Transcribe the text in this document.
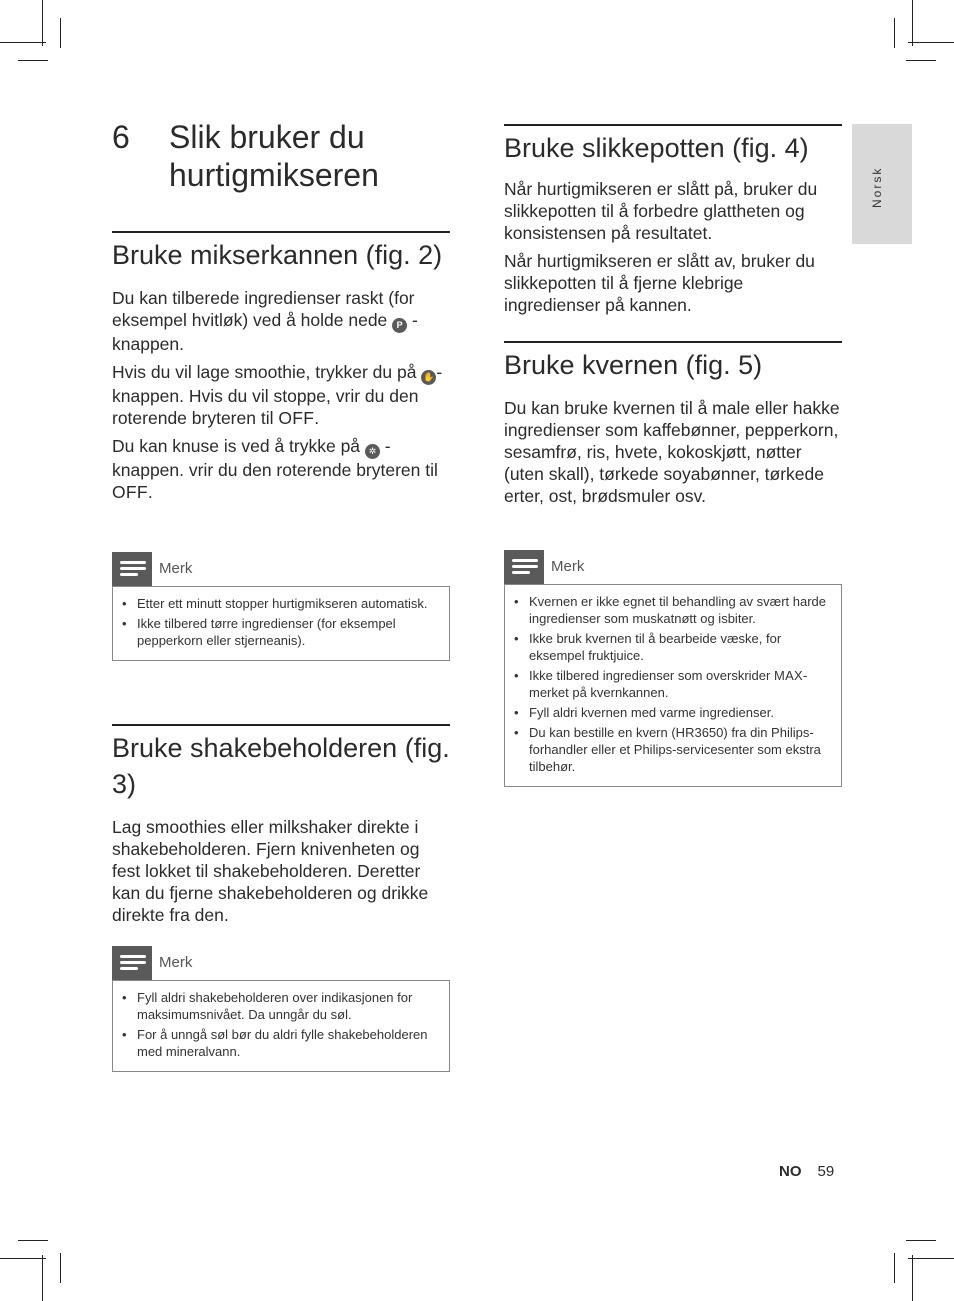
Norsk
6 Slik bruker du hurtigmikseren
Bruke mikserkannen (fig. 2)

Du kan tilberede ingredienser raskt (for eksempel hvitløk) ved å holde nede P -knappen.

Hvis du vil lage smoothie, trykker du på ✋ -knappen. Hvis du vil stoppe, vrir du den roterende bryteren til OFF.

Du kan knuse is ved å trykke på ✲ -knappen. vrir du den roterende bryteren til OFF.

Merk
• Etter ett minutt stopper hurtigmikseren automatisk.
• Ikke tilbered tørre ingredienser (for eksempel pepperkorn eller stjerneanis).
Bruke shakebeholderen (fig. 3)

Lag smoothies eller milkshaker direkte i shakebeholderen. Fjern knivenheten og fest lokket til shakebeholderen. Deretter kan du fjerne shakebeholderen og drikke direkte fra den.

Merk
• Fyll aldri shakebeholderen over indikasjonen for maksimumsnivået. Da unngår du søl.
• For å unngå søl bør du aldri fylle shakebeholderen med mineralvann.
Bruke slikkepotten (fig. 4)

Når hurtigmikseren er slått på, bruker du slikkepotten til å forbedre glattheten og konsistensen på resultatet.

Når hurtigmikseren er slått av, bruker du slikkepotten til å fjerne klebrige ingredienser på kannen.

Bruke kvernen (fig. 5)

Du kan bruke kvernen til å male eller hakke ingredienser som kaffebønner, pepperkorn, sesamfrø, ris, hvete, kokoskjøtt, nøtter (uten skall), tørkede soyabønner, tørkede erter, ost, brødsmuler osv.

Merk
• Kvernen er ikke egnet til behandling av svært harde ingredienser som muskatnøtt og isbiter.
• Ikke bruk kvernen til å bearbeide væske, for eksempel fruktjuice.
• Ikke tilbered ingredienser som overskrider MAX-merket på kvernkannen.
• Fyll aldri kvernen med varme ingredienser.
• Du kan bestille en kvern (HR3650) fra din Philips-forhandler eller et Philips-servicesenter som ekstra tilbehør.
NO 59
